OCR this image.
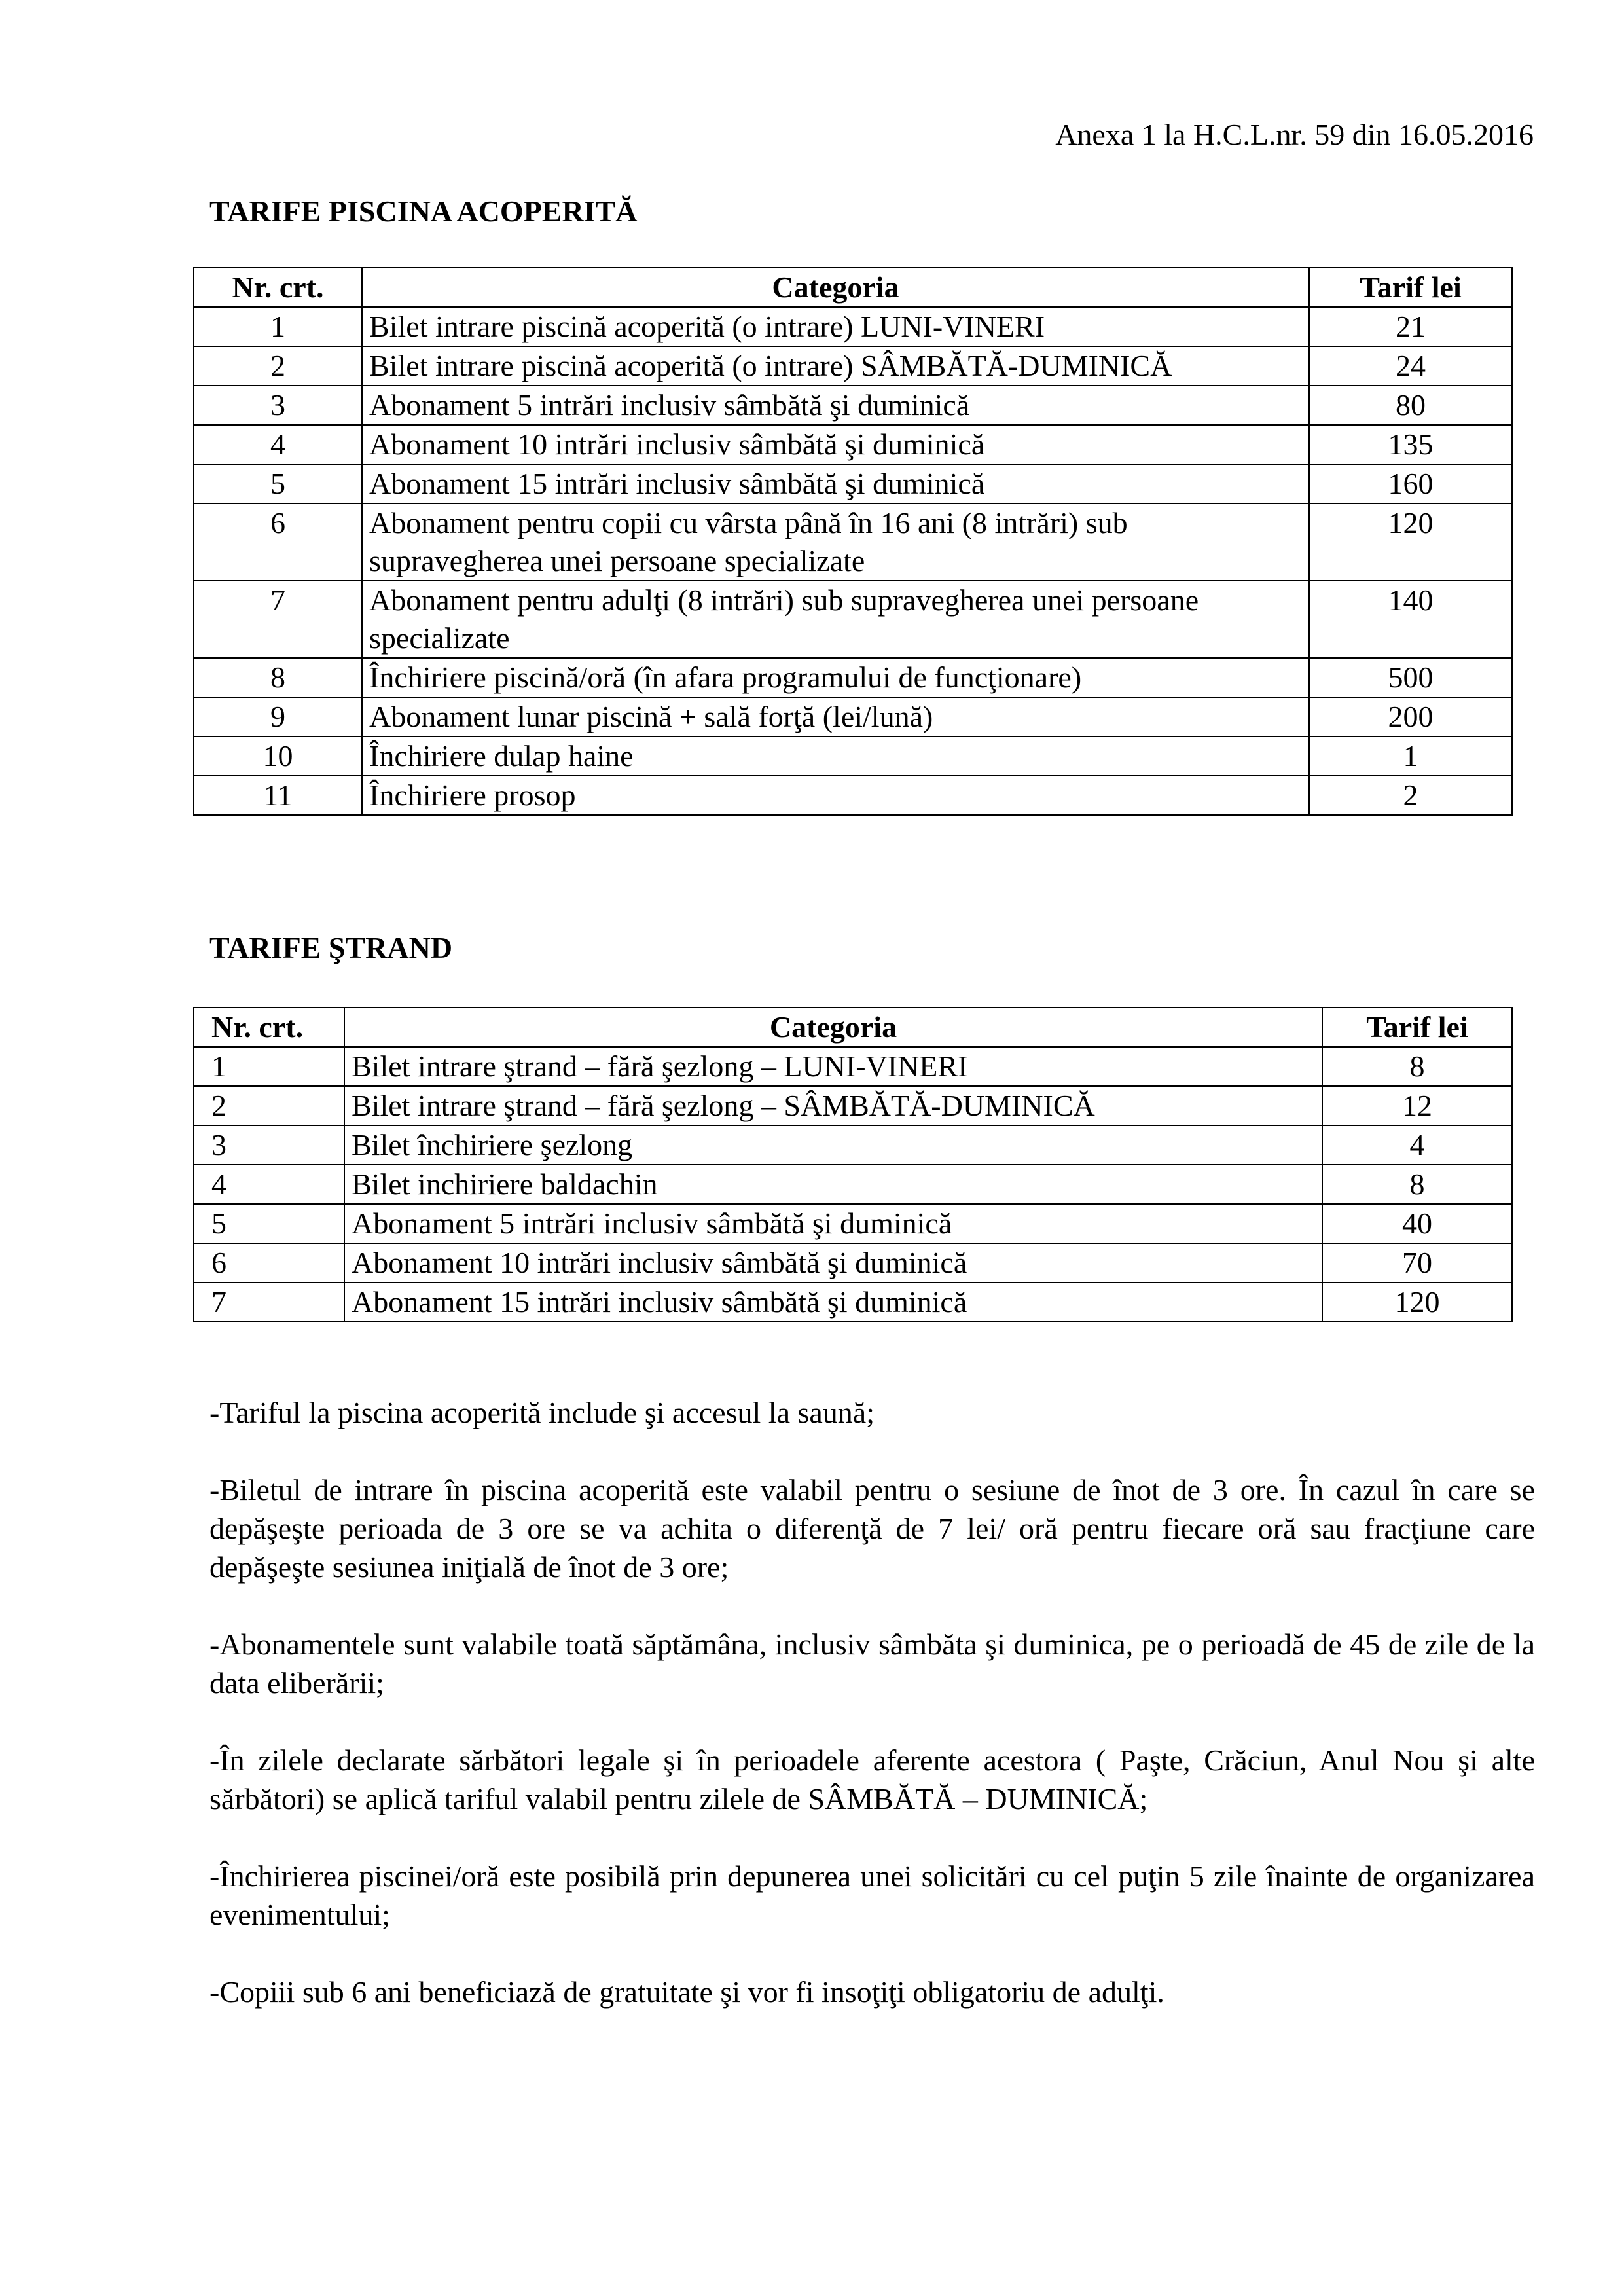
Anexa 1 la H.C.L.nr. 59 din 16.05.2016
TARIFE PISCINA ACOPERITĂ
Nr. crt.	Categoria	Tarif lei
1	Bilet intrare piscină acoperită (o intrare) LUNI-VINERI	21
2	Bilet intrare piscină acoperită (o intrare) SÂMBĂTĂ-DUMINICĂ	24
3	Abonament 5 intrări inclusiv sâmbătă şi duminică	80
4	Abonament 10 intrări inclusiv sâmbătă şi duminică	135
5	Abonament 15 intrări inclusiv sâmbătă şi duminică	160
6	Abonament pentru copii cu vârsta până în 16 ani (8 intrări) sub supravegherea unei persoane specializate	120
7	Abonament pentru adulţi (8 intrări) sub supravegherea unei persoane specializate	140
8	Închiriere piscină/oră (în afara programului de funcţionare)	500
9	Abonament lunar piscină + sală forţă (lei/lună)	200
10	Închiriere dulap haine	1
11	Închiriere prosop	2
TARIFE ŞTRAND
Nr. crt.	Categoria	Tarif lei
1	Bilet intrare ştrand – fără şezlong – LUNI-VINERI	8
2	Bilet intrare ştrand – fără şezlong – SÂMBĂTĂ-DUMINICĂ	12
3	Bilet închiriere şezlong	4
4	Bilet inchiriere baldachin	8
5	Abonament 5 intrări inclusiv sâmbătă şi duminică	40
6	Abonament 10 intrări inclusiv sâmbătă şi duminică	70
7	Abonament 15 intrări inclusiv sâmbătă şi duminică	120

-Tariful la piscina acoperită include şi accesul la saună;

-Biletul de intrare în piscina acoperită este valabil pentru o sesiune de înot de 3 ore. În cazul în care se depăşeşte perioada de 3 ore se va achita o diferenţă de 7 lei/ oră pentru fiecare oră sau fracţiune care depăşeşte sesiunea iniţială de înot de 3 ore;

-Abonamentele sunt valabile toată săptămâna, inclusiv sâmbăta şi duminica, pe o perioadă de 45 de zile de la data eliberării;

-În zilele declarate sărbători legale şi în perioadele aferente acestora ( Paşte, Crăciun, Anul Nou şi alte sărbători) se aplică tariful valabil pentru zilele de SÂMBĂTĂ – DUMINICĂ;

-Închirierea piscinei/oră este posibilă prin depunerea unei solicitări cu cel puţin 5 zile înainte de organizarea evenimentului;

-Copiii sub 6 ani beneficiază de gratuitate şi vor fi insoţiţi obligatoriu de adulţi.
